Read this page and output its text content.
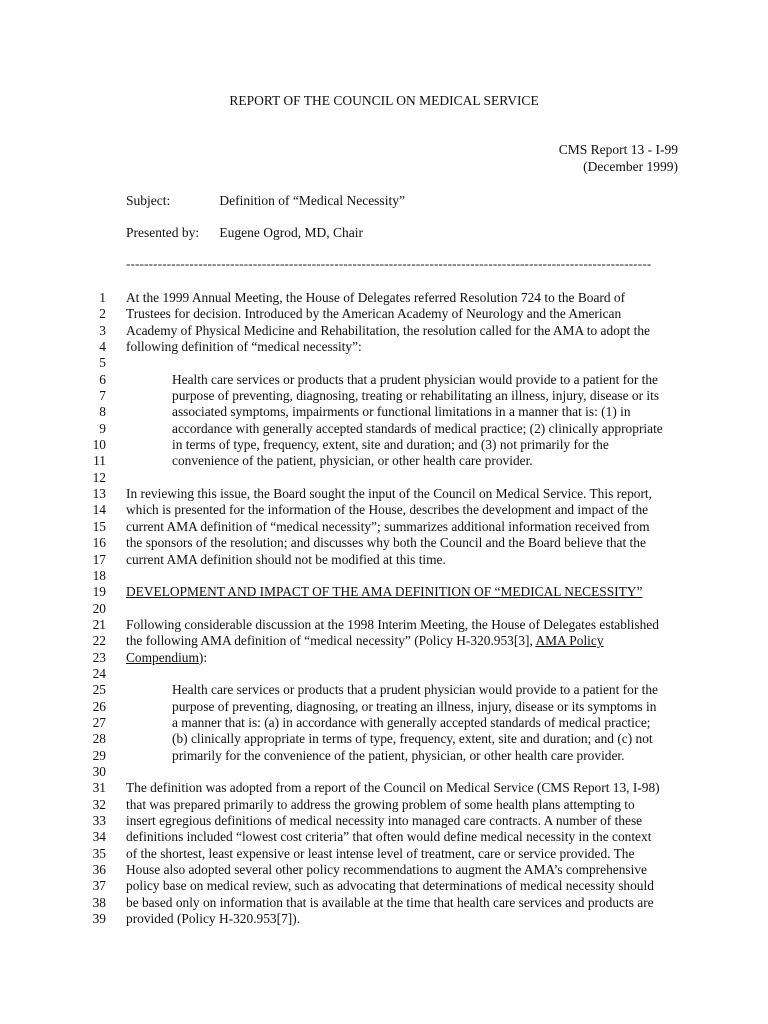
REPORT OF THE COUNCIL ON MEDICAL SERVICE
CMS Report 13 - I-99
(December 1999)
Subject:	Definition of “Medical Necessity”
Presented by: Eugene Ogrod, MD, Chair
--------------------------------------------------------------------------------------------------------------------
1 At the 1999 Annual Meeting, the House of Delegates referred Resolution 724 to the Board of
2 Trustees for decision. Introduced by the American Academy of Neurology and the American
3 Academy of Physical Medicine and Rehabilitation, the resolution called for the AMA to adopt the
4 following definition of “medical necessity”:
5
6	Health care services or products that a prudent physician would provide to a patient for the
7	purpose of preventing, diagnosing, treating or rehabilitating an illness, injury, disease or its
8	associated symptoms, impairments or functional limitations in a manner that is: (1) in
9	accordance with generally accepted standards of medical practice; (2) clinically appropriate
10	in terms of type, frequency, extent, site and duration; and (3) not primarily for the
11	convenience of the patient, physician, or other health care provider.
12
13 In reviewing this issue, the Board sought the input of the Council on Medical Service. This report,
14 which is presented for the information of the House, describes the development and impact of the
15 current AMA definition of “medical necessity”; summarizes additional information received from
16 the sponsors of the resolution; and discusses why both the Council and the Board believe that the
17 current AMA definition should not be modified at this time.
18
19 DEVELOPMENT AND IMPACT OF THE AMA DEFINITION OF “MEDICAL NECESSITY”
20
21 Following considerable discussion at the 1998 Interim Meeting, the House of Delegates established
22 the following AMA definition of “medical necessity” (Policy H-320.953[3], AMA Policy
23 Compendium):
24
25	Health care services or products that a prudent physician would provide to a patient for the
26	purpose of preventing, diagnosing, or treating an illness, injury, disease or its symptoms in
27	a manner that is: (a) in accordance with generally accepted standards of medical practice;
28	(b) clinically appropriate in terms of type, frequency, extent, site and duration; and (c) not
29	primarily for the convenience of the patient, physician, or other health care provider.
30
31 The definition was adopted from a report of the Council on Medical Service (CMS Report 13, I-98)
32 that was prepared primarily to address the growing problem of some health plans attempting to
33 insert egregious definitions of medical necessity into managed care contracts. A number of these
34 definitions included “lowest cost criteria” that often would define medical necessity in the context
35 of the shortest, least expensive or least intense level of treatment, care or service provided. The
36 House also adopted several other policy recommendations to augment the AMA’s comprehensive
37 policy base on medical review, such as advocating that determinations of medical necessity should
38 be based only on information that is available at the time that health care services and products are
39 provided (Policy H-320.953[7]).
